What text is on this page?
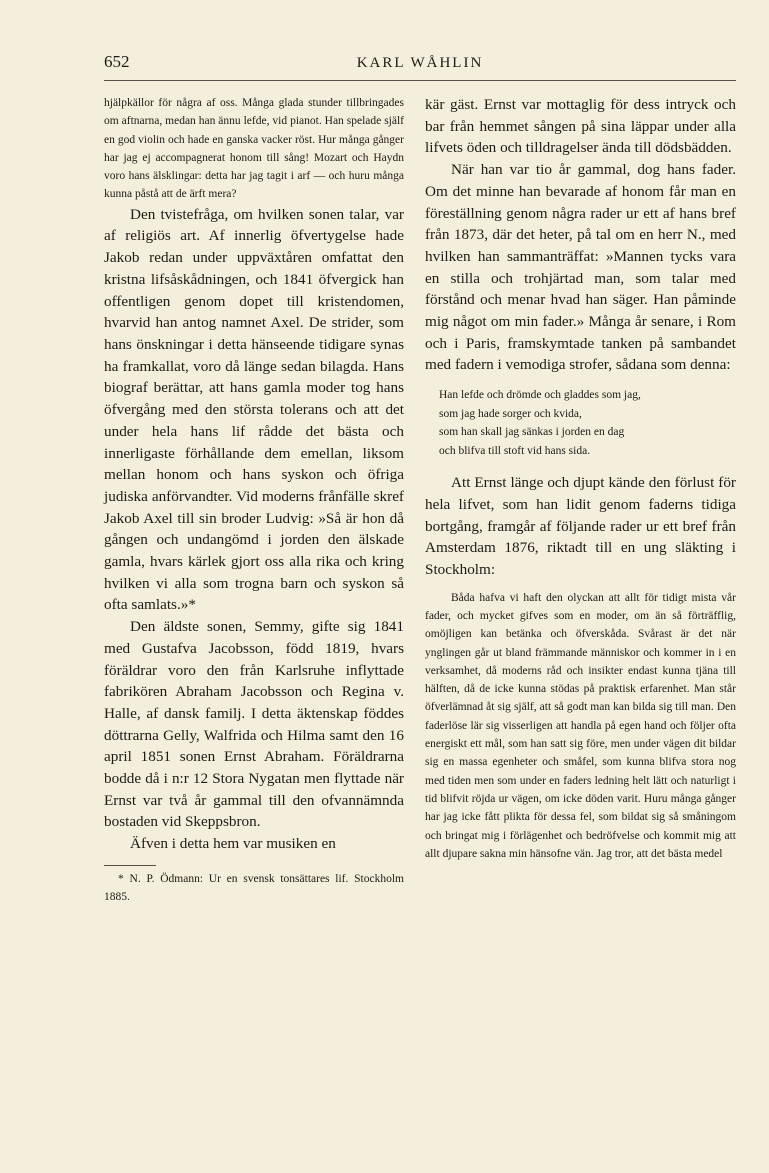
652	KARL WÅHLIN

hjälpkällor för några af oss. Många glada stunder tillbringades om aftnarna, medan han ännu lefde, vid pianot. Han spelade själf en god violin och hade en ganska vacker röst. Hur många gånger har jag ej accompagnerat honom till sång! Mozart och Haydn voro hans älsklingar: detta har jag tagit i arf — och huru många kunna påstå att de ärft mera?

Den tvistefråga, om hvilken sonen talar, var af religiös art. Af innerlig öfvertygelse hade Jakob redan under uppväxtåren omfattat den kristna lifsåskådningen, och 1841 öfvergick han offentligen genom dopet till kristendomen, hvarvid han antog namnet Axel. De strider, som hans önskningar i detta hänseende tidigare synas ha framkallat, voro då länge sedan bilagda. Hans biograf berättar, att hans gamla moder tog hans öfvergång med den största tolerans och att det under hela hans lif rådde det bästa och innerligaste förhållande dem emellan, liksom mellan honom och hans syskon och öfriga judiska anförvandter. Vid moderns frånfälle skref Jakob Axel till sin broder Ludvig: »Så är hon då gången och undangömd i jorden den älskade gamla, hvars kärlek gjort oss alla rika och kring hvilken vi alla som trogna barn och syskon så ofta samlats.»*

Den äldste sonen, Semmy, gifte sig 1841 med Gustafva Jacobsson, född 1819, hvars föräldrar voro den från Karlsruhe inflyttade fabrikören Abraham Jacobsson och Regina v. Halle, af dansk familj. I detta äktenskap föddes döttrarna Gelly, Walfrida och Hilma samt den 16 april 1851 sonen Ernst Abraham. Föräldrarna bodde då i n:r 12 Stora Nygatan men flyttade när Ernst var två år gammal till den ofvannämnda bostaden vid Skeppsbron.

Äfven i detta hem var musiken en

* N. P. Ödmann: Ur en svensk tonsättares lif. Stockholm 1885.

kär gäst. Ernst var mottaglig för dess intryck och bar från hemmet sången på sina läppar under alla lifvets öden och tilldragelser ända till dödsbädden.

När han var tio år gammal, dog hans fader. Om det minne han bevarade af honom får man en föreställning genom några rader ur ett af hans bref från 1873, där det heter, på tal om en herr N., med hvilken han sammanträffat: »Mannen tycks vara en stilla och trohjärtad man, som talar med förstånd och menar hvad han säger. Han påminde mig något om min fader.» Många år senare, i Rom och i Paris, framskymtade tanken på sambandet med fadern i vemodiga strofer, sådana som denna:

Han lefde och drömde och gladdes som jag,
som jag hade sorger och kvida,
som han skall jag sänkas i jorden en dag
och blifva till stoft vid hans sida.

Att Ernst länge och djupt kände den förlust för hela lifvet, som han lidit genom faderns tidiga bortgång, framgår af följande rader ur ett bref från Amsterdam 1876, riktadt till en ung släkting i Stockholm:

Båda hafva vi haft den olyckan att allt för tidigt mista vår fader, och mycket gifves som en moder, om än så förträfflig, omöjligen kan betänka och öfverskåda. Svårast är det när ynglingen går ut bland främmande människor och kommer in i en verksamhet, då moderns råd och insikter endast kunna tjäna till hälften, då de icke kunna stödas på praktisk erfarenhet. Man står öfverlämnad åt sig själf, att så godt man kan bilda sig till man. Den faderlöse lär sig visserligen att handla på egen hand och följer ofta energiskt ett mål, som han satt sig före, men under vägen dit bildar sig en massa egenheter och småfel, som kunna blifva stora nog med tiden men som under en faders ledning helt lätt och naturligt i tid blifvit röjda ur vägen, om icke döden varit. Huru många gånger har jag icke fått plikta för dessa fel, som bildat sig så småningom och bringat mig i förlägenhet och bedröfvelse och kommit mig att allt djupare sakna min hänsofne vän. Jag tror, att det bästa medel
